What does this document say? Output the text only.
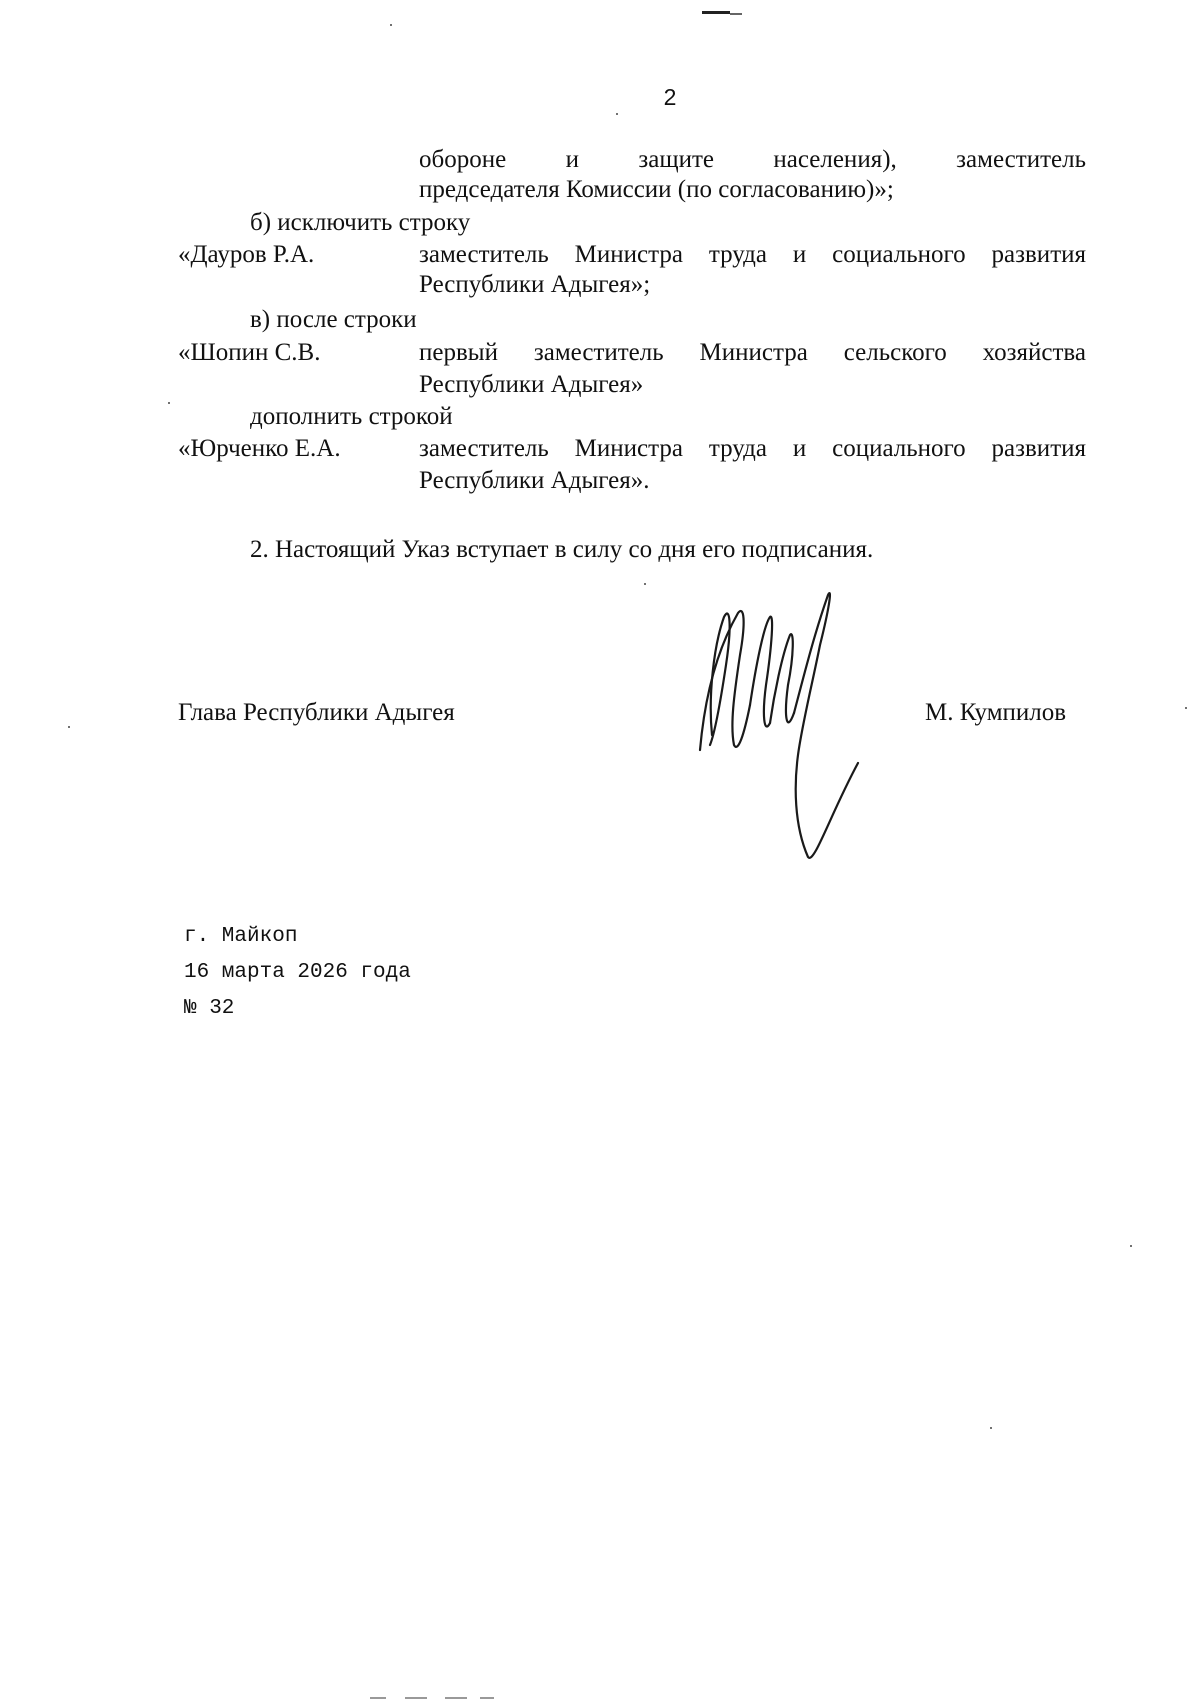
2
обороне и защите населения), заместитель
председателя Комиссии (по согласованию)»;
б) исключить строку
«Дауров Р.А.	заместитель Министра труда и социального развития
Республики Адыгея»;
в) после строки
«Шопин С.В.	первый заместитель Министра сельского хозяйства
Республики Адыгея»
дополнить строкой
«Юрченко Е.А.	заместитель Министра труда и социального развития
Республики Адыгея».
2. Настоящий Указ вступает в силу со дня его подписания.
Глава Республики Адыгея	М. Кумпилов
г. Майкоп
16 марта 2026 года
№ 32
